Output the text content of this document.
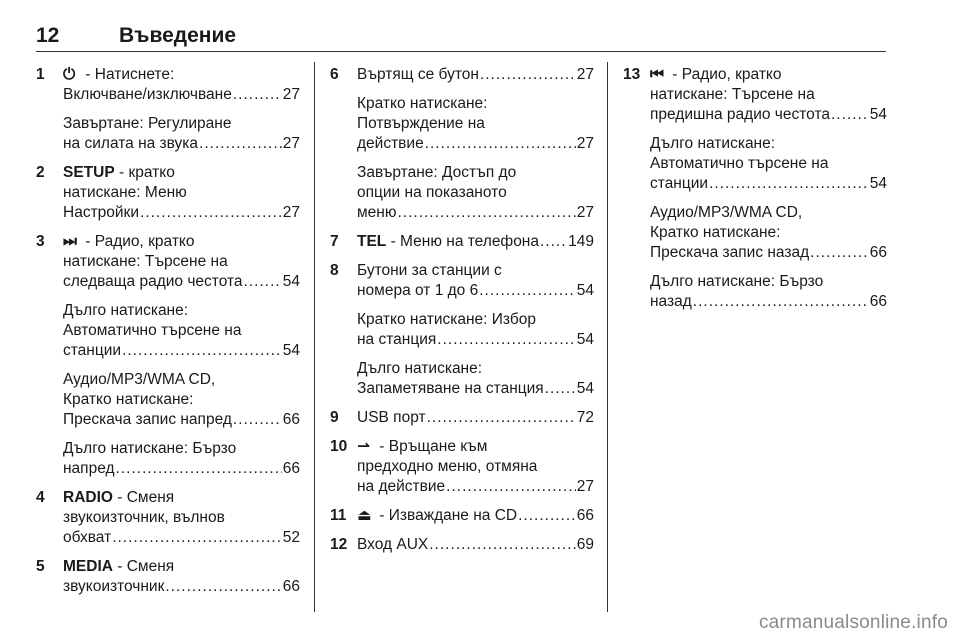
12	Въведение
1 ⏻ - Натиснете:
Включване/изключване .....	27
Завъртане: Регулиране
на силата на звука .....	27
2 SETUP - кратко
натискане: Меню
Настройки .....	27
3 ⏭ - Радио, кратко
натискане: Търсене на
следваща радио честота .....	54
Дълго натискане:
Автоматично търсене на
станции .....	54
Аудио/MP3/WMA CD,
Кратко натискане:
Прескача запис напред .....	66
Дълго натискане: Бързо
напред .....	66
4 RADIO - Сменя
звукоизточник, вълнов
обхват .....	52
5 MEDIA - Сменя
звукоизточник .....	66
6 Въртящ се бутон .....	27
Кратко натискане:
Потвърждение на
действие .....	27
Завъртане: Достъп до
опции на показаното
меню .....	27
7 TEL - Меню на телефона ..... 149
8 Бутони за станции с
номера от 1 до 6 .....	54
Кратко натискане: Избор
на станция .....	54
Дълго натискане:
Запаметяване на станция ..... 54
9 USB порт .....	72
10 ⇀ - Връщане към
предходно меню, отмяна
на действие .....	27
11 ⏏ - Изваждане на CD .....	66
12 Вход AUX .....	69
13 ⏮ - Радио, кратко
натискане: Търсене на
предишна радио честота .....	54
Дълго натискане:
Автоматично търсене на
станции .....	54
Аудио/MP3/WMA CD,
Кратко натискане:
Прескача запис назад .....	66
Дълго натискане: Бързо
назад .....	66
carmanualsonline.info
